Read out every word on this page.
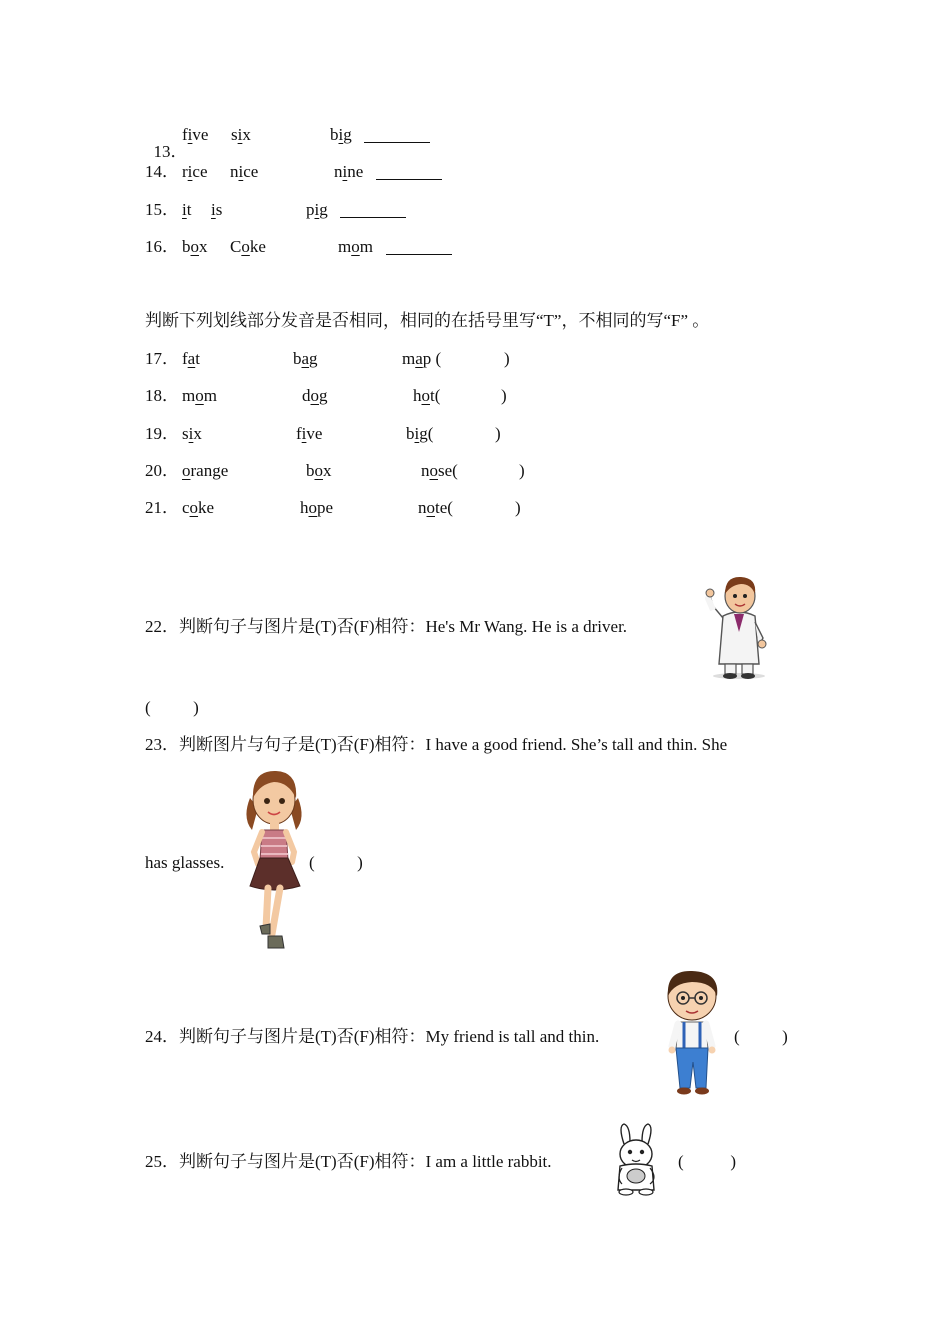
13．
five six	big
14． rice nice	nine
15． it is	pig
16． box Coke	mom
判断下列划线部分发音是否相同，相同的在括号里写“T”，不相同的写“F” 。
17． fat	bag	map (	)
18． mom	dog	hot(	)
19． six	five	big(	)
20． orange	box	nose(	)
21． coke	hope	note(	)
22．判断句子与图片是(T)否(F)相符：He's Mr Wang. He is a driver.
(          )
23．判断图片与句子是(T)否(F)相符：I have a good friend. She’s tall and thin. She
has glasses.	(          )
24．判断句子与图片是(T)否(F)相符：My friend is tall and thin.	(          )
25．判断句子与图片是(T)否(F)相符：I am a little rabbit.	(           )
